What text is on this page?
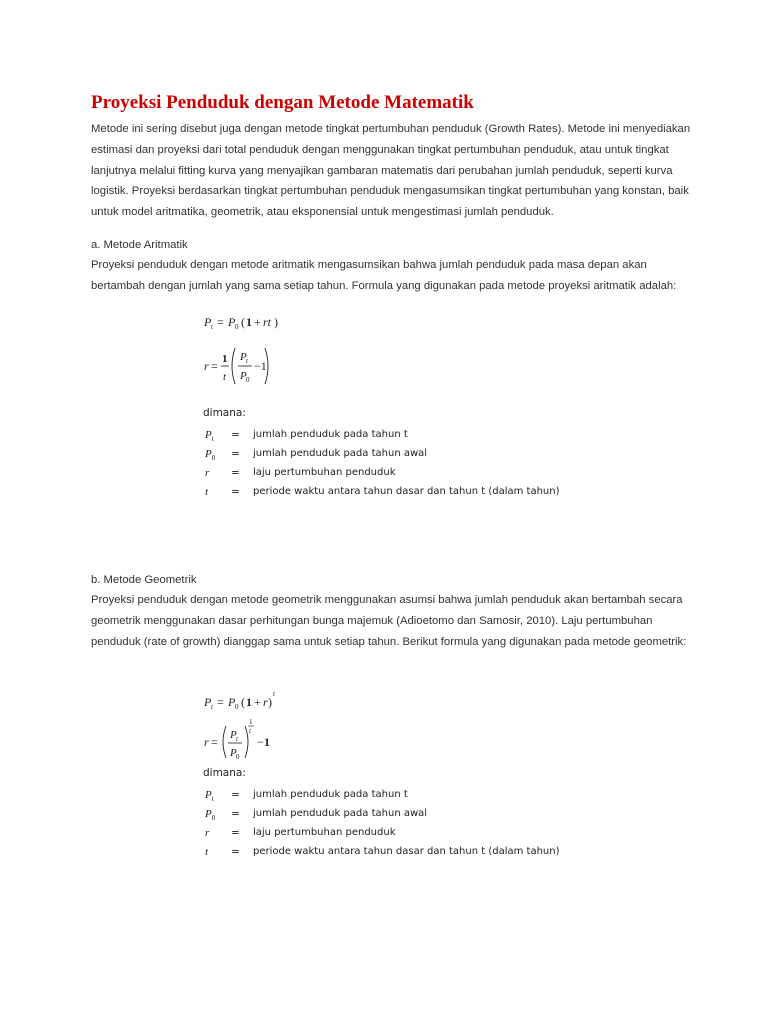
Proyeksi Penduduk dengan Metode Matematik
Metode ini sering disebut juga dengan metode tingkat pertumbuhan penduduk (Growth Rates). Metode ini menyediakan estimasi dan proyeksi dari total penduduk dengan menggunakan tingkat pertumbuhan penduduk, atau untuk tingkat lanjutnya melalui fitting kurva yang menyajikan gambaran matematis dari perubahan jumlah penduduk, seperti kurva logistik. Proyeksi berdasarkan tingkat pertumbuhan penduduk mengasumsikan tingkat pertumbuhan yang konstan, baik untuk model aritmatika, geometrik, atau eksponensial untuk mengestimasi jumlah penduduk.
a. Metode Aritmatik
Proyeksi penduduk dengan metode aritmatik mengasumsikan bahwa jumlah penduduk pada masa depan akan bertambah dengan jumlah yang sama setiap tahun. Formula yang digunakan pada metode proyeksi aritmatik adalah:
P t = P 0 ( 1 + rt )
r = 1
t
P t
P 0
−1
dimana:
$P_t$ = jumlah penduduk pada tahun t
$P_0$ = jumlah penduduk pada tahun awal
r = laju pertumbuhan penduduk
t = periode waktu antara tahun dasar dan tahun t (dalam tahun)
b. Metode Geometrik
Proyeksi penduduk dengan metode geometrik menggunakan asumsi bahwa jumlah penduduk akan bertambah secara geometrik menggunakan dasar perhitungan bunga majemuk (Adioetomo dan Samosir, 2010). Laju pertumbuhan penduduk (rate of growth) dianggap sama untuk setiap tahun. Berikut formula yang digunakan pada metode geometrik:
P t = P 0 ( 1 + r )
t
r = P t
P 0
1
t
− 1
dimana:
$P_t$ = jumlah penduduk pada tahun t
$P_0$ = jumlah penduduk pada tahun awal
r = laju pertumbuhan penduduk
t = periode waktu antara tahun dasar dan tahun t (dalam tahun)
